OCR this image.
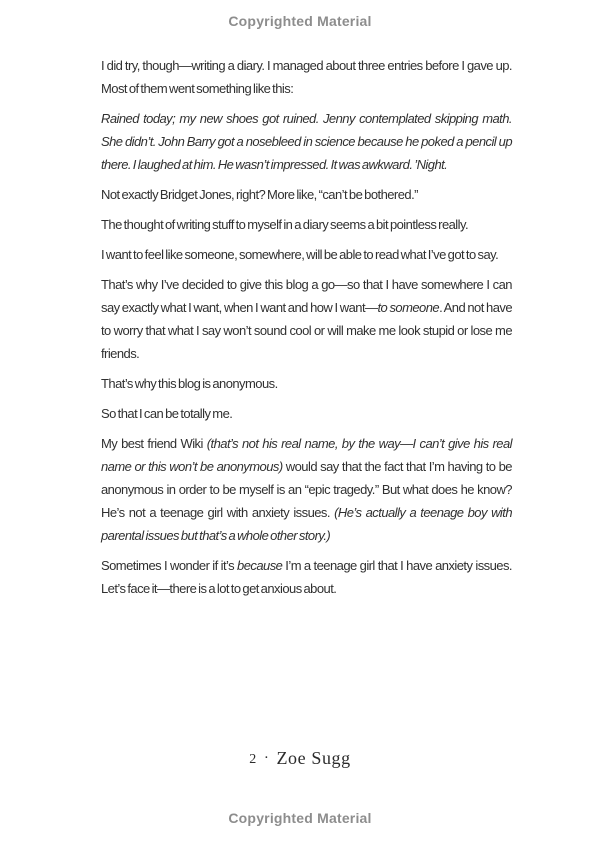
Copyrighted Material

I did try, though—writing a diary. I managed about three entries before I gave up. Most of them went something like this:

Rained today; my new shoes got ruined. Jenny contemplated skipping math. She didn’t. John Barry got a nosebleed in science because he poked a pencil up there. I laughed at him. He wasn’t impressed. It was awkward. ’Night.

Not exactly Bridget Jones, right? More like, “can’t be bothered.”

The thought of writing stuff to myself in a diary seems a bit pointless really.

I want to feel like someone, somewhere, will be able to read what I’ve got to say.

That’s why I’ve decided to give this blog a go—so that I have somewhere I can say exactly what I want, when I want and how I want—to someone. And not have to worry that what I say won’t sound cool or will make me look stupid or lose me friends.

That’s why this blog is anonymous.

So that I can be totally me.

My best friend Wiki (that’s not his real name, by the way—I can’t give his real name or this won’t be anonymous) would say that the fact that I’m having to be anonymous in order to be myself is an “epic tragedy.” But what does he know? He’s not a teenage girl with anxiety issues. (He’s actually a teenage boy with parental issues but that’s a whole other story.)

Sometimes I wonder if it’s because I’m a teenage girl that I have anxiety issues. Let’s face it—there is a lot to get anxious about.

2 · Zoe Sugg
Copyrighted Material
